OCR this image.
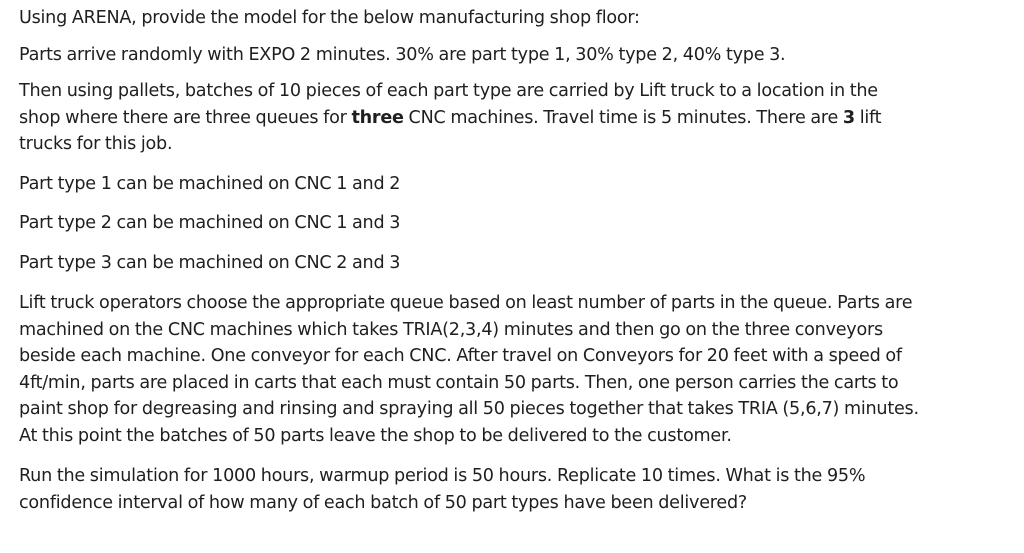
Using ARENA, provide the model for the below manufacturing shop floor:

Parts arrive randomly with EXPO 2 minutes. 30% are part type 1, 30% type 2, 40% type 3.

Then using pallets, batches of 10 pieces of each part type are carried by Lift truck to a location in the
shop where there are three queues for three CNC machines. Travel time is 5 minutes. There are 3 lift
trucks for this job.

Part type 1 can be machined on CNC 1 and 2

Part type 2 can be machined on CNC 1 and 3

Part type 3 can be machined on CNC 2 and 3

Lift truck operators choose the appropriate queue based on least number of parts in the queue. Parts are
machined on the CNC machines which takes TRIA(2,3,4) minutes and then go on the three conveyors
beside each machine. One conveyor for each CNC. After travel on Conveyors for 20 feet with a speed of
4ft/min, parts are placed in carts that each must contain 50 parts. Then, one person carries the carts to
paint shop for degreasing and rinsing and spraying all 50 pieces together that takes TRIA (5,6,7) minutes.
At this point the batches of 50 parts leave the shop to be delivered to the customer.

Run the simulation for 1000 hours, warmup period is 50 hours. Replicate 10 times. What is the 95%
confidence interval of how many of each batch of 50 part types have been delivered?
